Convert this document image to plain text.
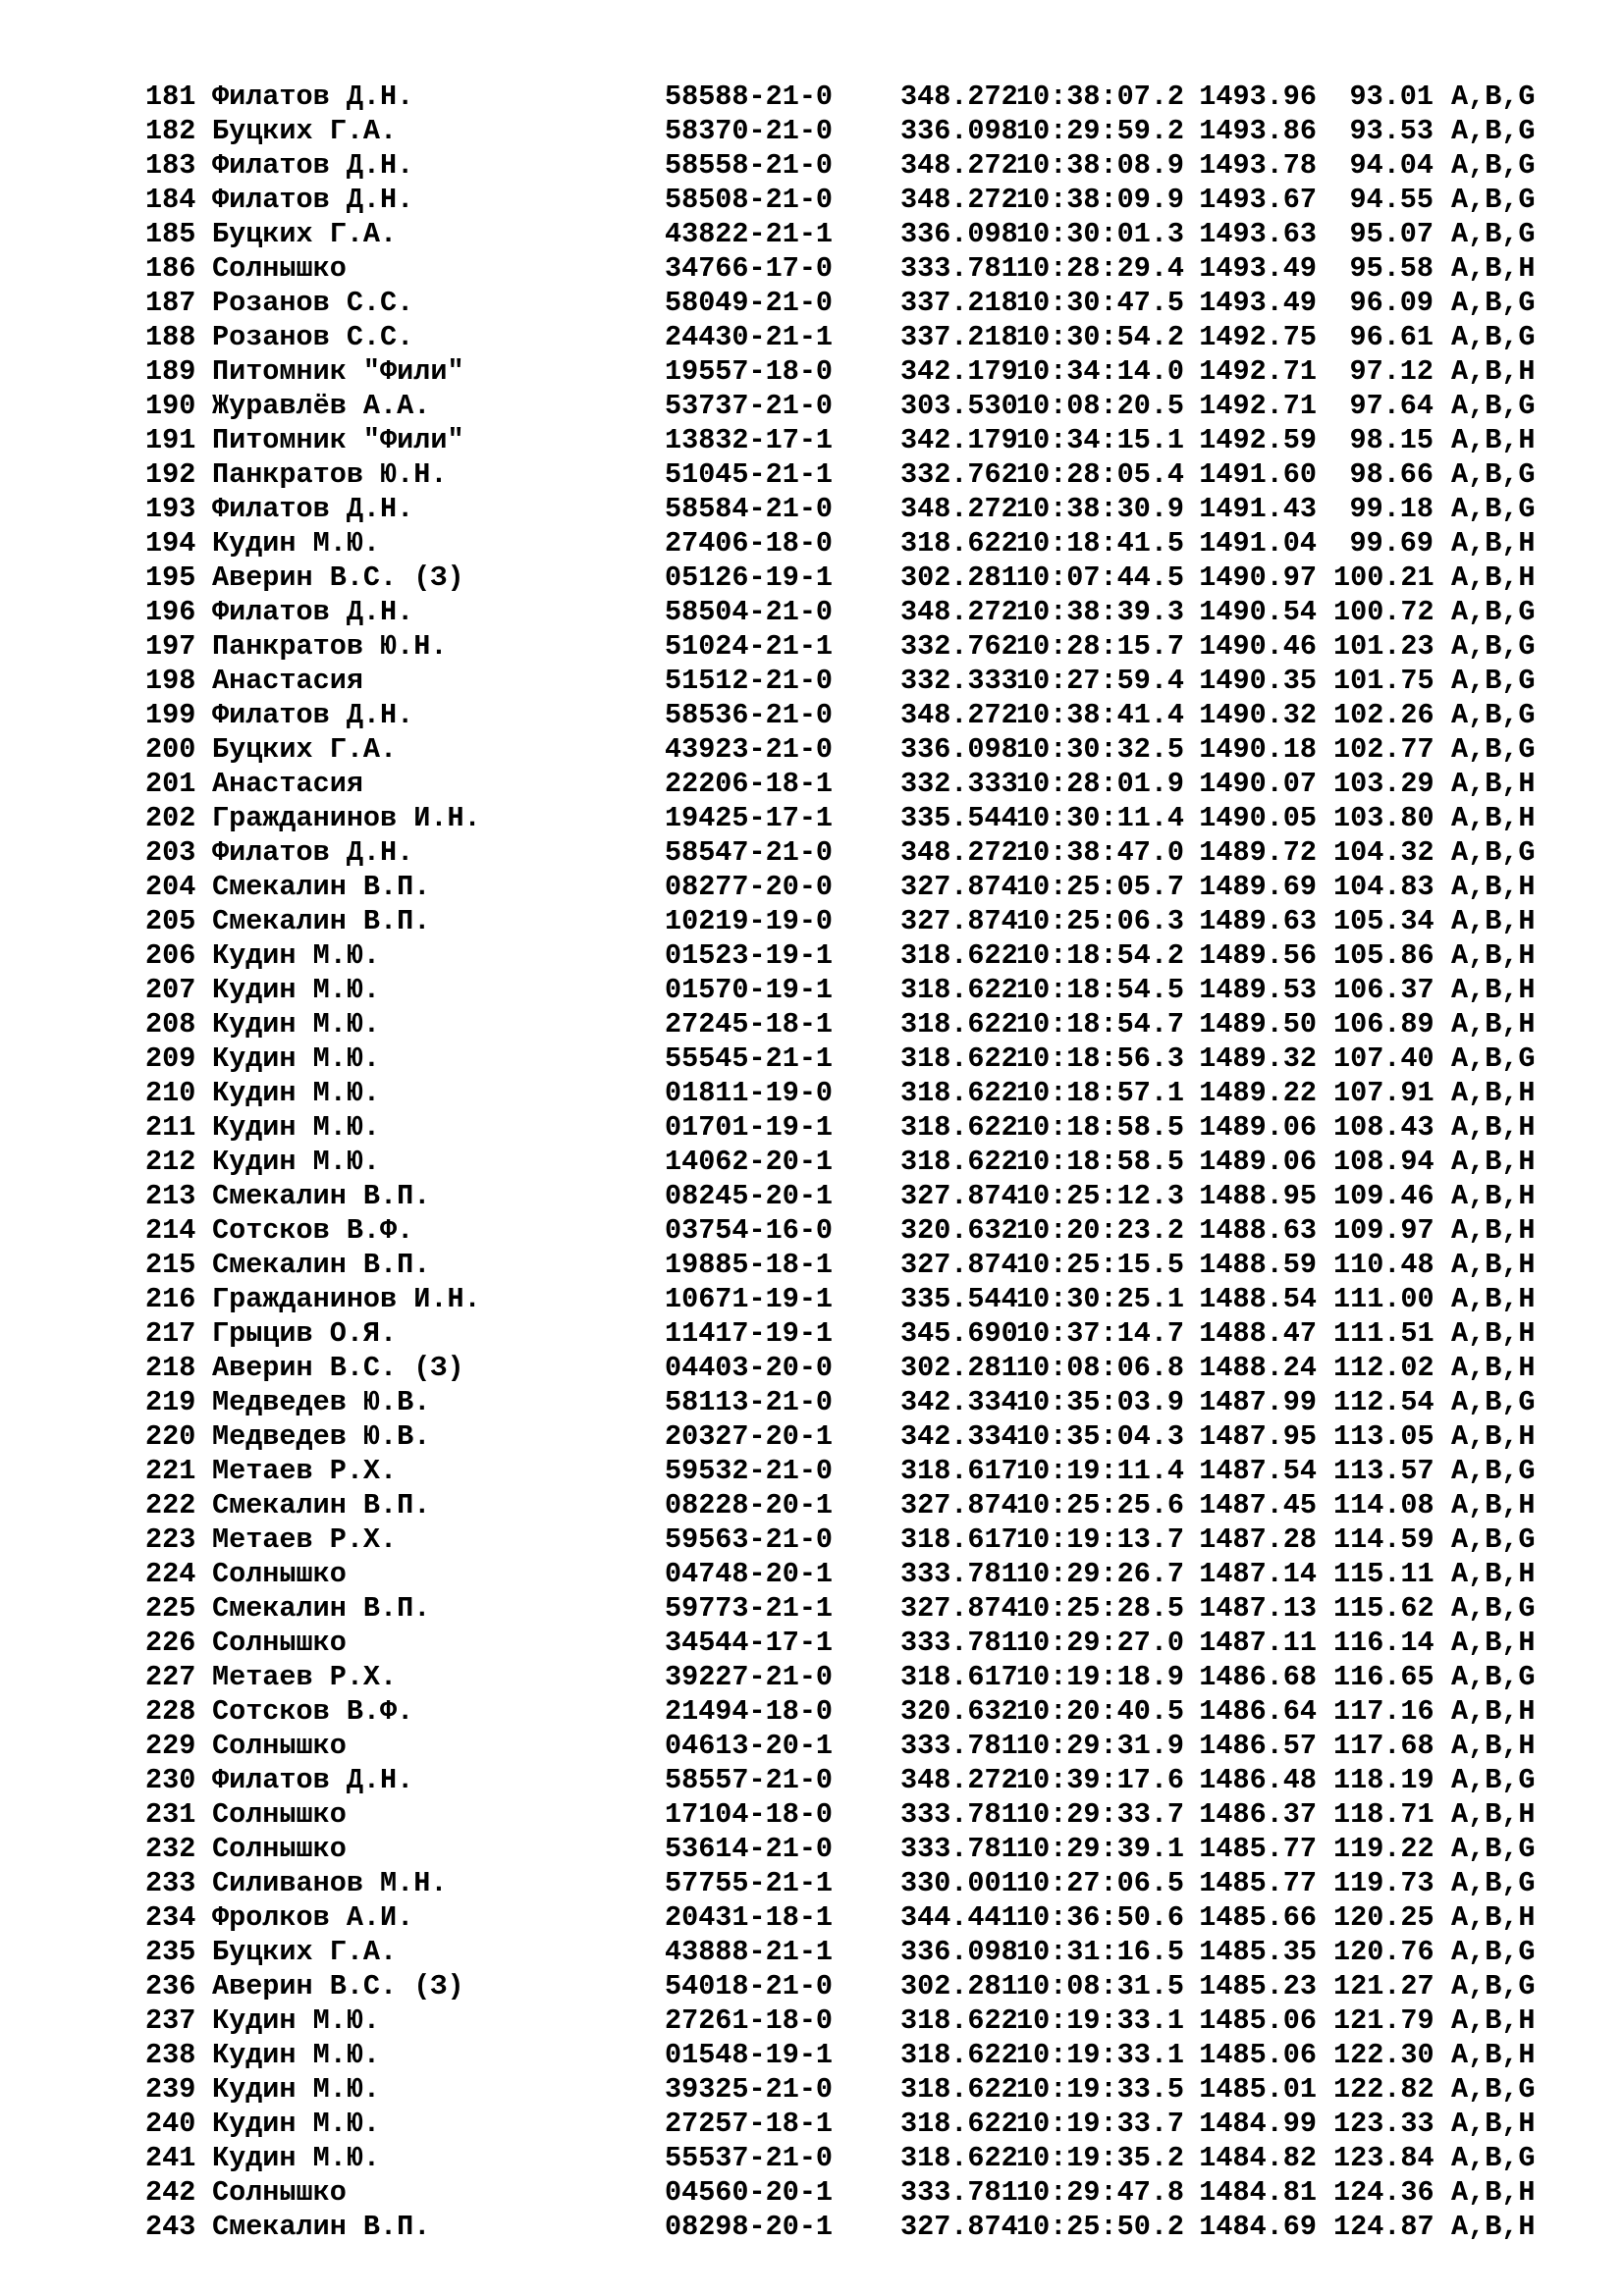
181 Филатов Д.Н.	58588-21-0 348.27210:38:07.2 1493.96 93.01 A,B,G
182 Буцких Г.А.	58370-21-0 336.09810:29:59.2 1493.86 93.53 A,B,G
183 Филатов Д.Н.	58558-21-0 348.27210:38:08.9 1493.78 94.04 A,B,G
184 Филатов Д.Н.	58508-21-0 348.27210:38:09.9 1493.67 94.55 A,B,G
185 Буцких Г.А.	43822-21-1 336.09810:30:01.3 1493.63 95.07 A,B,G
186 Солнышко	34766-17-0 333.78110:28:29.4 1493.49 95.58 A,B,H
187 Розанов С.С.	58049-21-0 337.21810:30:47.5 1493.49 96.09 A,B,G
188 Розанов С.С.	24430-21-1 337.21810:30:54.2 1492.75 96.61 A,B,G
189 Питомник "Фили"	19557-18-0 342.17910:34:14.0 1492.71 97.12 A,B,H
190 Журавлёв А.А.	53737-21-0 303.53010:08:20.5 1492.71 97.64 A,B,G
191 Питомник "Фили"	13832-17-1 342.17910:34:15.1 1492.59 98.15 A,B,H
192 Панкратов Ю.Н.	51045-21-1 332.76210:28:05.4 1491.60 98.66 A,B,G
193 Филатов Д.Н.	58584-21-0 348.27210:38:30.9 1491.43 99.18 A,B,G
194 Кудин М.Ю.	27406-18-0 318.62210:18:41.5 1491.04 99.69 A,B,H
195 Аверин В.С. (З)	05126-19-1 302.28110:07:44.5 1490.97 100.21 A,B,H
196 Филатов Д.Н.	58504-21-0 348.27210:38:39.3 1490.54 100.72 A,B,G
197 Панкратов Ю.Н.	51024-21-1 332.76210:28:15.7 1490.46 101.23 A,B,G
198 Анастасия	51512-21-0 332.33310:27:59.4 1490.35 101.75 A,B,G
199 Филатов Д.Н.	58536-21-0 348.27210:38:41.4 1490.32 102.26 A,B,G
200 Буцких Г.А.	43923-21-0 336.09810:30:32.5 1490.18 102.77 A,B,G
201 Анастасия	22206-18-1 332.33310:28:01.9 1490.07 103.29 A,B,H
202 Гражданинов И.Н.	19425-17-1 335.54410:30:11.4 1490.05 103.80 A,B,H
203 Филатов Д.Н.	58547-21-0 348.27210:38:47.0 1489.72 104.32 A,B,G
204 Смекалин В.П.	08277-20-0 327.87410:25:05.7 1489.69 104.83 A,B,H
205 Смекалин В.П.	10219-19-0 327.87410:25:06.3 1489.63 105.34 A,B,H
206 Кудин М.Ю.	01523-19-1 318.62210:18:54.2 1489.56 105.86 A,B,H
207 Кудин М.Ю.	01570-19-1 318.62210:18:54.5 1489.53 106.37 A,B,H
208 Кудин М.Ю.	27245-18-1 318.62210:18:54.7 1489.50 106.89 A,B,H
209 Кудин М.Ю.	55545-21-1 318.62210:18:56.3 1489.32 107.40 A,B,G
210 Кудин М.Ю.	01811-19-0 318.62210:18:57.1 1489.22 107.91 A,B,H
211 Кудин М.Ю.	01701-19-1 318.62210:18:58.5 1489.06 108.43 A,B,H
212 Кудин М.Ю.	14062-20-1 318.62210:18:58.5 1489.06 108.94 A,B,H
213 Смекалин В.П.	08245-20-1 327.87410:25:12.3 1488.95 109.46 A,B,H
214 Сотсков В.Ф.	03754-16-0 320.63210:20:23.2 1488.63 109.97 A,B,H
215 Смекалин В.П.	19885-18-1 327.87410:25:15.5 1488.59 110.48 A,B,H
216 Гражданинов И.Н.	10671-19-1 335.54410:30:25.1 1488.54 111.00 A,B,H
217 Грыцив О.Я.	11417-19-1 345.69010:37:14.7 1488.47 111.51 A,B,H
218 Аверин В.С. (З)	04403-20-0 302.28110:08:06.8 1488.24 112.02 A,B,H
219 Медведев Ю.В.	58113-21-0 342.33410:35:03.9 1487.99 112.54 A,B,G
220 Медведев Ю.В.	20327-20-1 342.33410:35:04.3 1487.95 113.05 A,B,H
221 Метаев Р.Х.	59532-21-0 318.61710:19:11.4 1487.54 113.57 A,B,G
222 Смекалин В.П.	08228-20-1 327.87410:25:25.6 1487.45 114.08 A,B,H
223 Метаев Р.Х.	59563-21-0 318.61710:19:13.7 1487.28 114.59 A,B,G
224 Солнышко	04748-20-1 333.78110:29:26.7 1487.14 115.11 A,B,H
225 Смекалин В.П.	59773-21-1 327.87410:25:28.5 1487.13 115.62 A,B,G
226 Солнышко	34544-17-1 333.78110:29:27.0 1487.11 116.14 A,B,H
227 Метаев Р.Х.	39227-21-0 318.61710:19:18.9 1486.68 116.65 A,B,G
228 Сотсков В.Ф.	21494-18-0 320.63210:20:40.5 1486.64 117.16 A,B,H
229 Солнышко	04613-20-1 333.78110:29:31.9 1486.57 117.68 A,B,H
230 Филатов Д.Н.	58557-21-0 348.27210:39:17.6 1486.48 118.19 A,B,G
231 Солнышко	17104-18-0 333.78110:29:33.7 1486.37 118.71 A,B,H
232 Солнышко	53614-21-0 333.78110:29:39.1 1485.77 119.22 A,B,G
233 Силиванов М.Н.	57755-21-1 330.00110:27:06.5 1485.77 119.73 A,B,G
234 Фролков А.И.	20431-18-1 344.44110:36:50.6 1485.66 120.25 A,B,H
235 Буцких Г.А.	43888-21-1 336.09810:31:16.5 1485.35 120.76 A,B,G
236 Аверин В.С. (З)	54018-21-0 302.28110:08:31.5 1485.23 121.27 A,B,G
237 Кудин М.Ю.	27261-18-0 318.62210:19:33.1 1485.06 121.79 A,B,H
238 Кудин М.Ю.	01548-19-1 318.62210:19:33.1 1485.06 122.30 A,B,H
239 Кудин М.Ю.	39325-21-0 318.62210:19:33.5 1485.01 122.82 A,B,G
240 Кудин М.Ю.	27257-18-1 318.62210:19:33.7 1484.99 123.33 A,B,H
241 Кудин М.Ю.	55537-21-0 318.62210:19:35.2 1484.82 123.84 A,B,G
242 Солнышко	04560-20-1 333.78110:29:47.8 1484.81 124.36 A,B,H
243 Смекалин В.П.	08298-20-1 327.87410:25:50.2 1484.69 124.87 A,B,H
